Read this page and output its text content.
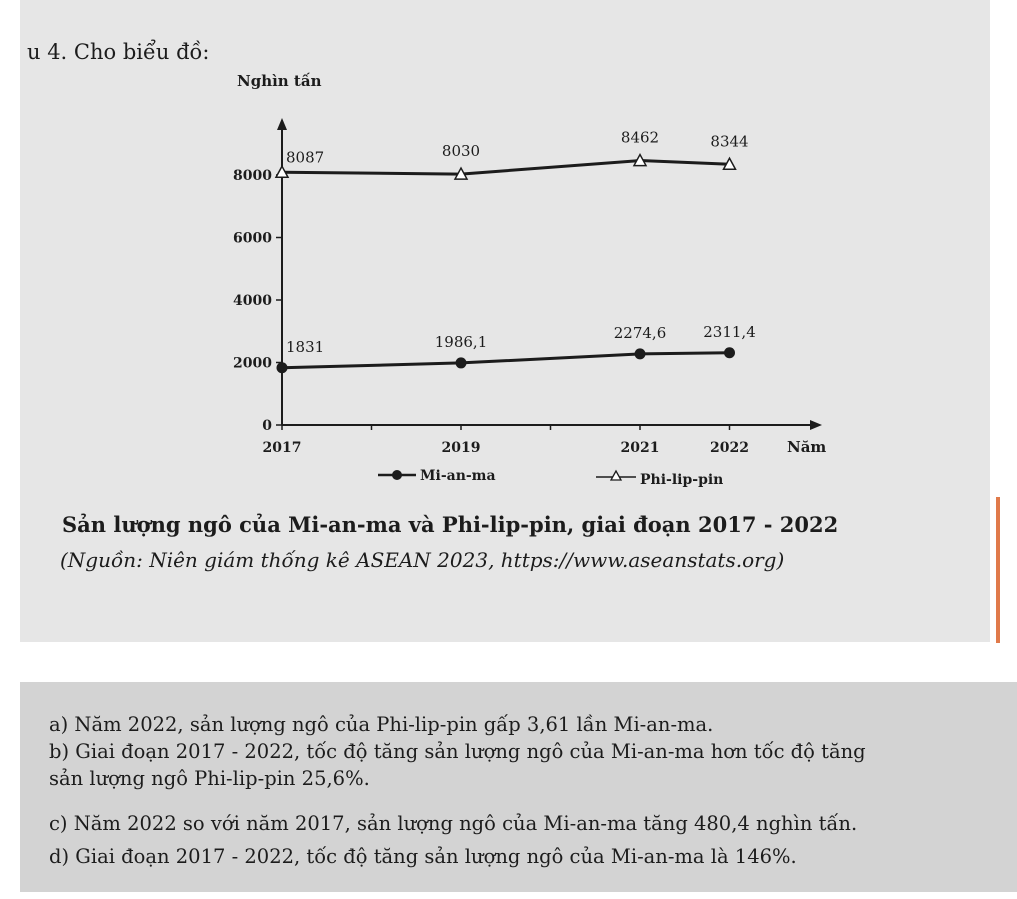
u 4. Cho biểu đồ:
Nghìn tấn
Năm
0
2000
4000
6000
8000
2017	2019	2021	2022
1831	1986,1
2274,6 2311,4
8087	8030
8462	8344
Mi-an-ma	Phi-lip-pin
Sản lượng ngô của Mi-an-ma và Phi-lip-pin, giai đoạn 2017 - 2022
(Nguồn: Niên giám thống kê ASEAN 2023, https://www.aseanstats.org)
a) Năm 2022, sản lượng ngô của Phi-lip-pin gấp 3,61 lần Mi-an-ma.
b) Giai đoạn 2017 - 2022, tốc độ tăng sản lượng ngô của Mi-an-ma hơn tốc độ tăng
sản lượng ngô Phi-lip-pin 25,6%.
c) Năm 2022 so với năm 2017, sản lượng ngô của Mi-an-ma tăng 480,4 nghìn tấn.
d) Giai đoạn 2017 - 2022, tốc độ tăng sản lượng ngô của Mi-an-ma là 146%.
